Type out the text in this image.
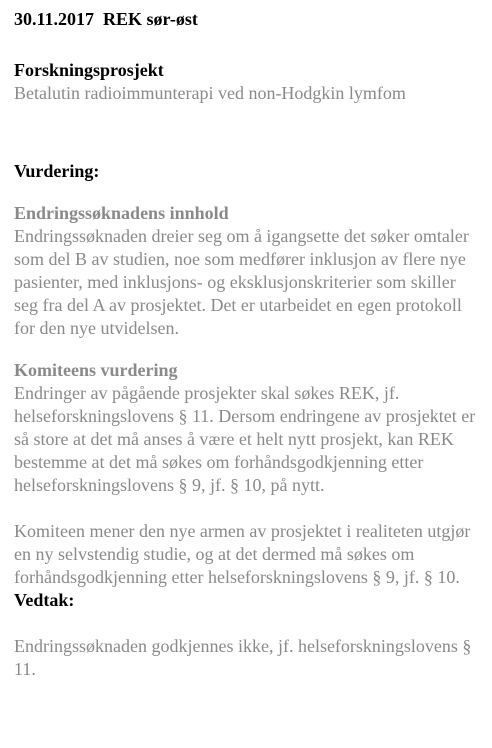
30.11.2017 REK sør-øst

Forskningsprosjekt

Betalutin radioimmunterapi ved non-Hodgkin lymfom

Vurdering:

Endringssøknadens innhold

Endringssøknaden dreier seg om å igangsette det søker omtaler som del B av studien, noe som medfører inklusjon av flere nye pasienter, med inklusjons- og eksklusjonskriterier som skiller seg fra del A av prosjektet. Det er utarbeidet en egen protokoll for den nye utvidelsen.

Komiteens vurdering

Endringer av pågående prosjekter skal søkes REK, jf. helseforskningslovens § 11. Dersom endringene av prosjektet er så store at det må anses å være et helt nytt prosjekt, kan REK bestemme at det må søkes om forhåndsgodkjenning etter helseforskningslovens § 9, jf. § 10, på nytt.

Komiteen mener den nye armen av prosjektet i realiteten utgjør en ny selvstendig studie, og at det dermed må søkes om forhåndsgodkjenning etter helseforskningslovens § 9, jf. § 10.

Vedtak:

Endringssøknaden godkjennes ikke, jf. helseforskningslovens § 11.
